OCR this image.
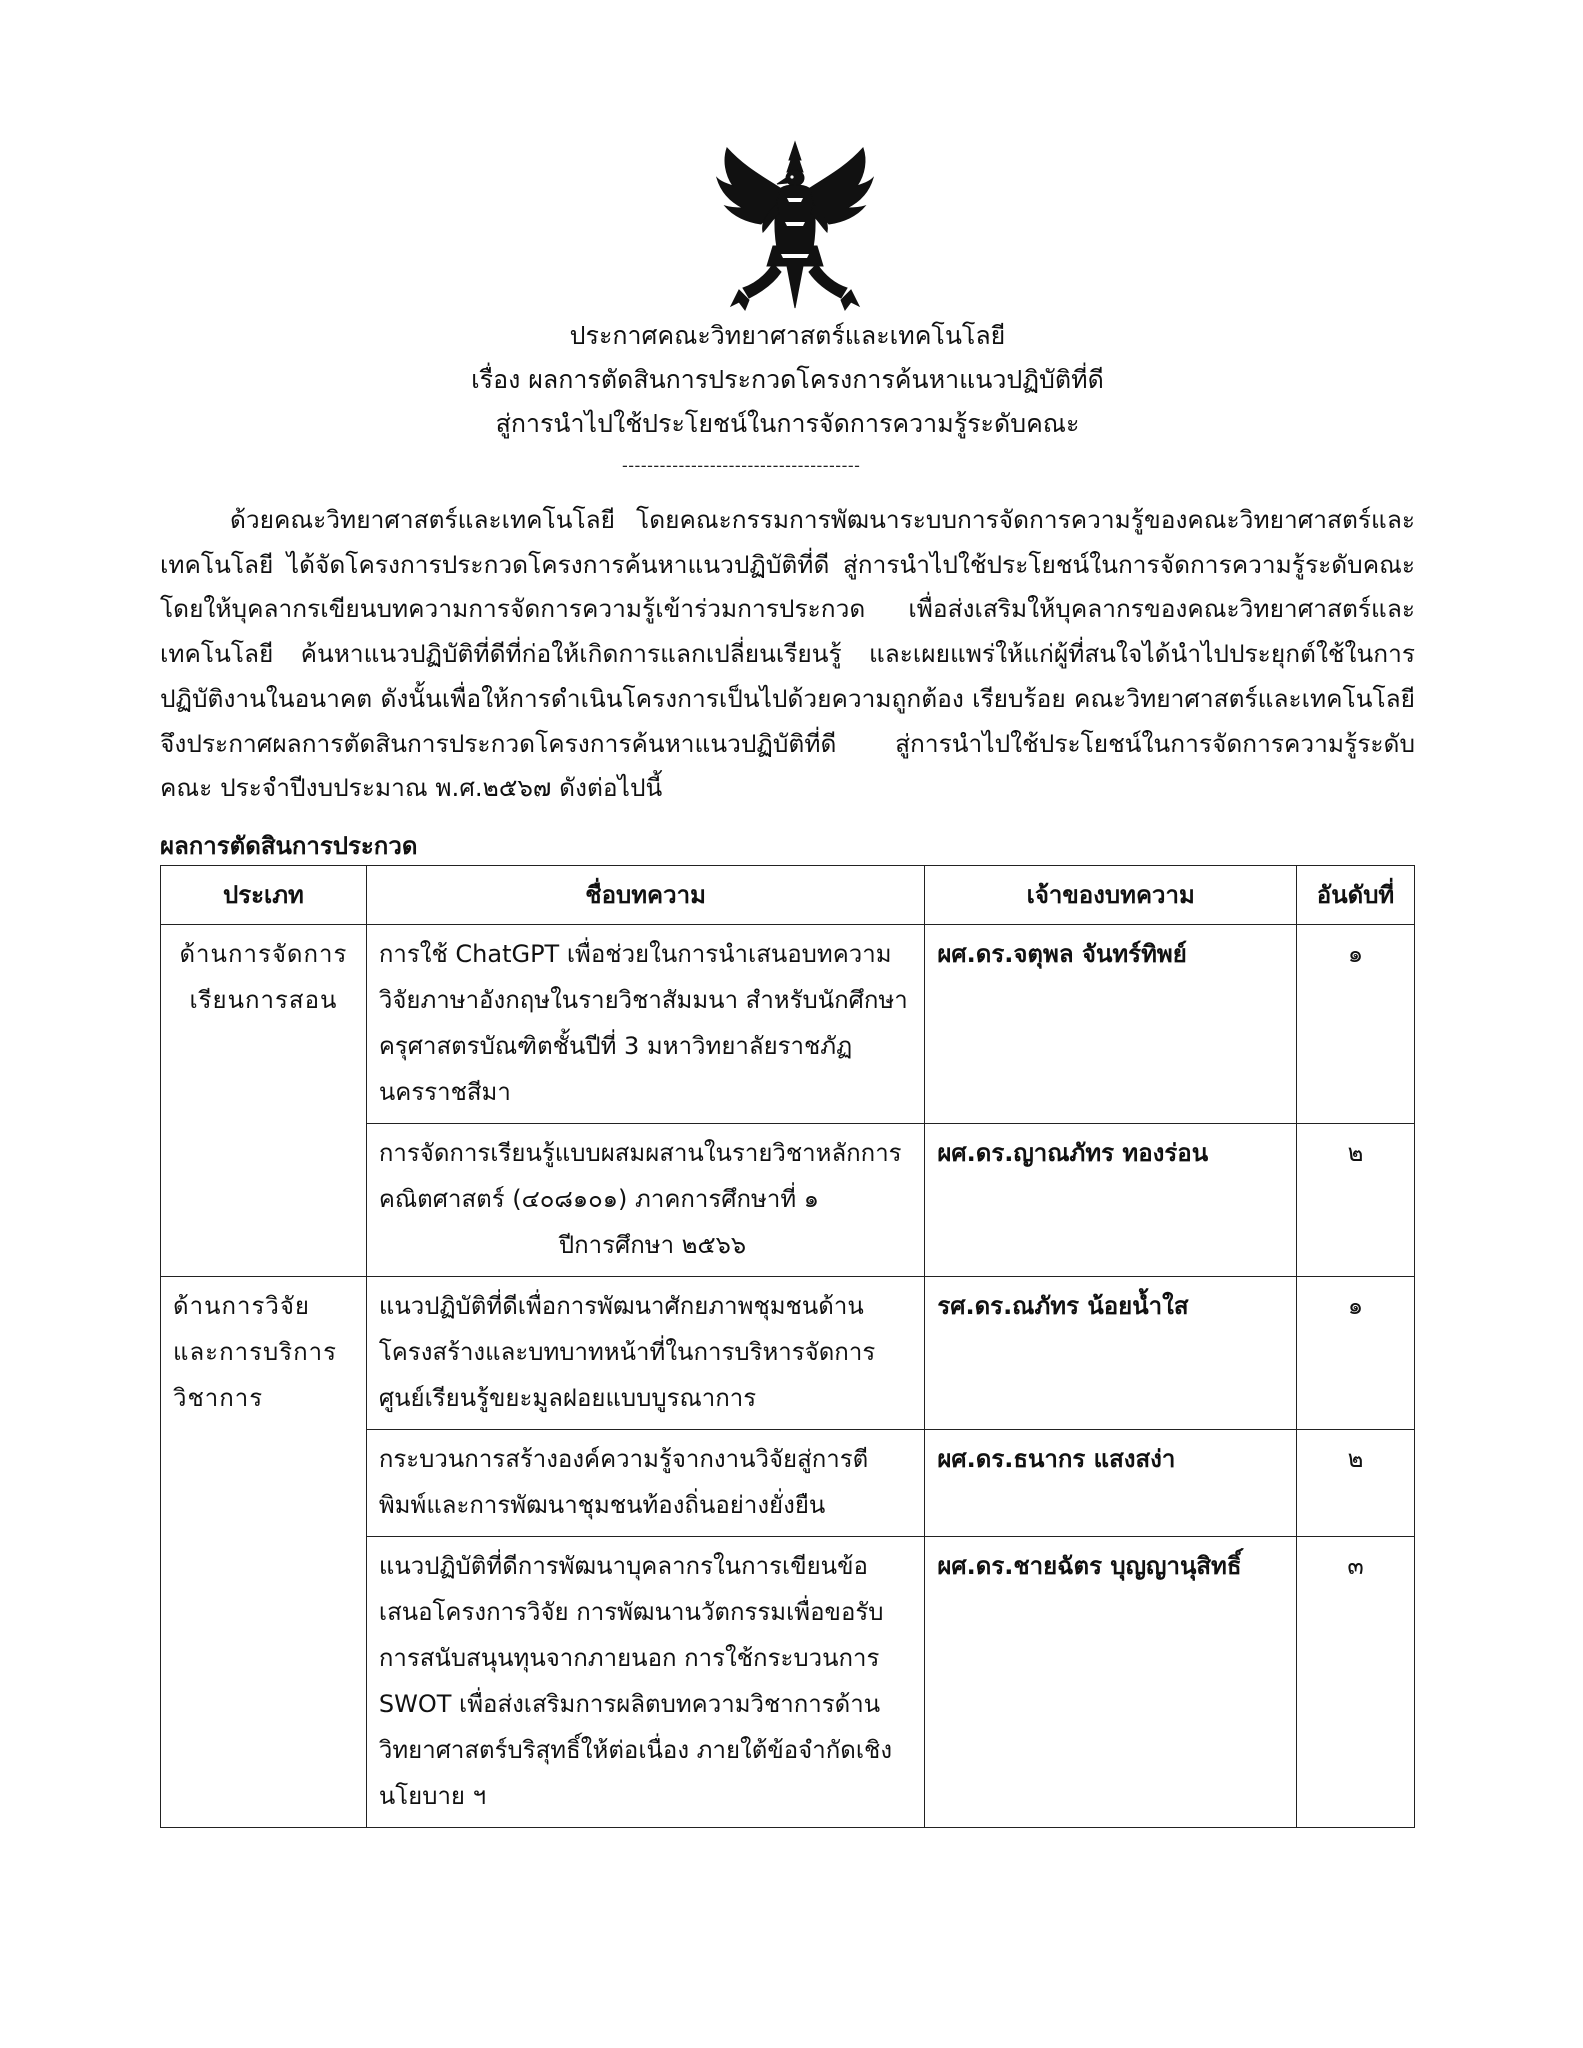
ประกาศคณะวิทยาศาสตร์และเทคโนโลยี
เรื่อง ผลการตัดสินการประกวดโครงการค้นหาแนวปฏิบัติที่ดี
สู่การนำไปใช้ประโยชน์ในการจัดการความรู้ระดับคณะ
--------------------------------------
ด้วยคณะวิทยาศาสตร์และเทคโนโลยี โดยคณะกรรมการพัฒนาระบบการจัดการความรู้ของคณะวิทยาศาสตร์และเทคโนโลยี ได้จัดโครงการประกวดโครงการค้นหาแนวปฏิบัติที่ดี สู่การนำไปใช้ประโยชน์ในการจัดการความรู้ระดับคณะ โดยให้บุคลากรเขียนบทความการจัดการความรู้เข้าร่วมการประกวด เพื่อส่งเสริมให้บุคลากรของคณะวิทยาศาสตร์และเทคโนโลยี ค้นหาแนวปฏิบัติที่ดีที่ก่อให้เกิดการแลกเปลี่ยนเรียนรู้ และเผยแพร่ให้แก่ผู้ที่สนใจได้นำไปประยุกต์ใช้ในการปฏิบัติงานในอนาคต ดังนั้นเพื่อให้การดำเนินโครงการเป็นไปด้วยความถูกต้อง เรียบร้อย คณะวิทยาศาสตร์และเทคโนโลยี จึงประกาศผลการตัดสินการประกวดโครงการค้นหาแนวปฏิบัติที่ดี สู่การนำไปใช้ประโยชน์ในการจัดการความรู้ระดับคณะ ประจำปีงบประมาณ พ.ศ.๒๕๖๗ ดังต่อไปนี้
ผลการตัดสินการประกวด
ประเภท	ชื่อบทความ	เจ้าของบทความ	อันดับที่
ด้านการจัดการเรียนการสอน	การใช้ ChatGPT เพื่อช่วยในการนำเสนอบทความวิจัยภาษาอังกฤษในรายวิชาสัมมนา สำหรับนักศึกษาครุศาสตรบัณฑิตชั้นปีที่ 3 มหาวิทยาลัยราชภัฏนครราชสีมา	ผศ.ดร.จตุพล จันทร์ทิพย์	๑
	การจัดการเรียนรู้แบบผสมผสานในรายวิชาหลักการคณิตศาสตร์ (๔๐๘๑๐๑) ภาคการศึกษาที่ ๑ปีการศึกษา ๒๕๖๖	ผศ.ดร.ญาณภัทร ทองร่อน	๒
ด้านการวิจัยและการบริการวิชาการ	แนวปฏิบัติที่ดีเพื่อการพัฒนาศักยภาพชุมชนด้านโครงสร้างและบทบาทหน้าที่ในการบริหารจัดการศูนย์เรียนรู้ขยะมูลฝอยแบบบูรณาการ	รศ.ดร.ณภัทร น้อยน้ำใส	๑
	กระบวนการสร้างองค์ความรู้จากงานวิจัยสู่การตีพิมพ์และการพัฒนาชุมชนท้องถิ่นอย่างยั่งยืน	ผศ.ดร.ธนากร แสงสง่า	๒
	แนวปฏิบัติที่ดีการพัฒนาบุคลากรในการเขียนข้อเสนอโครงการวิจัย การพัฒนานวัตกรรมเพื่อขอรับการสนับสนุนทุนจากภายนอก การใช้กระบวนการ SWOT เพื่อส่งเสริมการผลิตบทความวิชาการด้านวิทยาศาสตร์บริสุทธิ์ให้ต่อเนื่อง ภายใต้ข้อจำกัดเชิงนโยบาย ฯ	ผศ.ดร.ชายฉัตร บุญญานุสิทธิ์	๓
